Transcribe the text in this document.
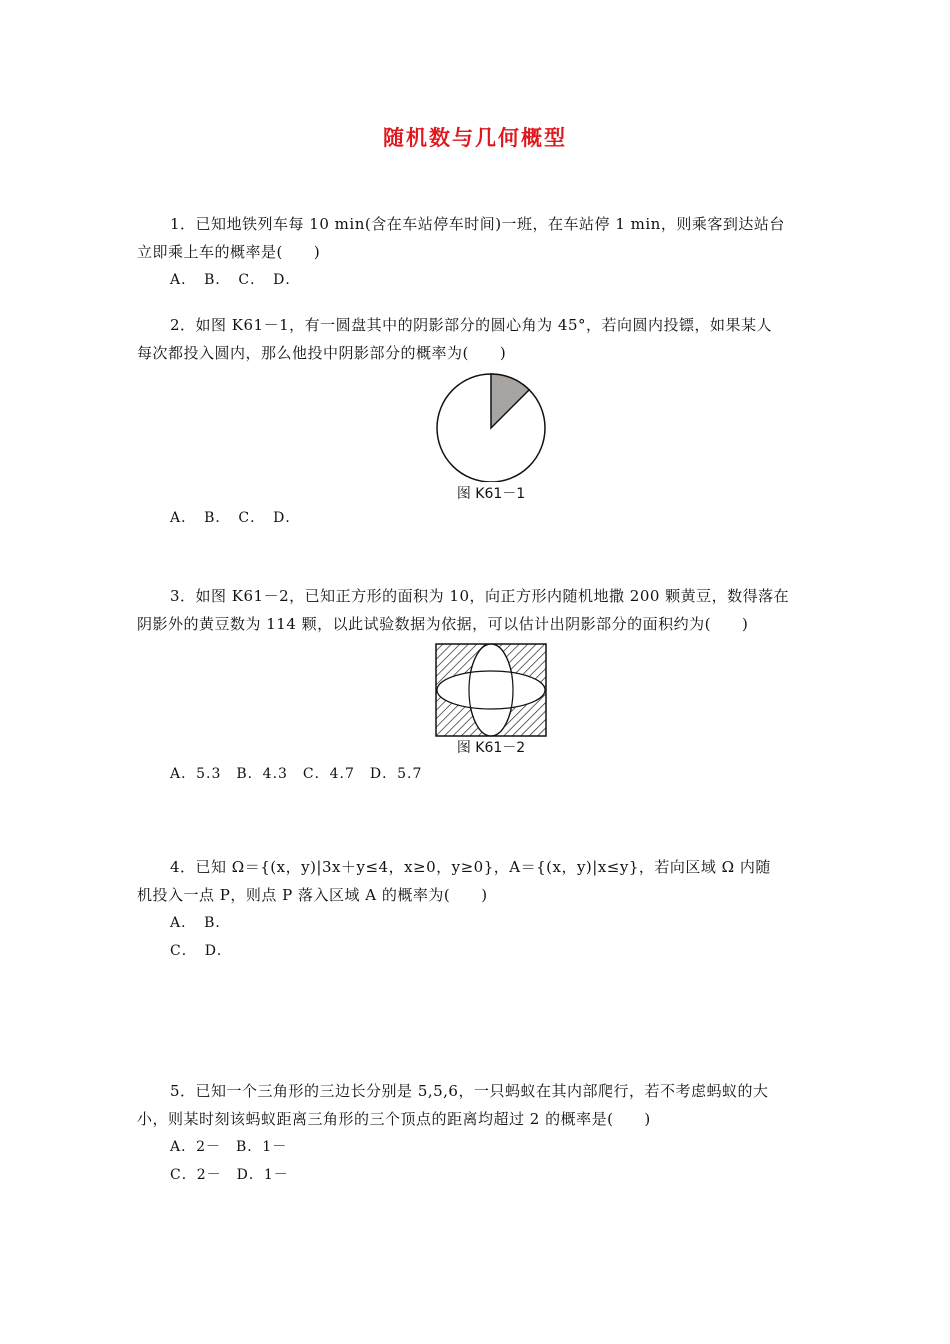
随机数与几何概型
1．已知地铁列车每 10 min(含在车站停车时间)一班，在车站停 1 min，则乘客到达站台
立即乘上车的概率是(　　)
A．　B．　C．　D．
2．如图 K61－1，有一圆盘其中的阴影部分的圆心角为 45°，若向圆内投镖，如果某人
每次都投入圆内，那么他投中阴影部分的概率为(　　)
图 K61－1
A．　B．　C．　D．
3．如图 K61－2，已知正方形的面积为 10，向正方形内随机地撒 200 颗黄豆，数得落在
阴影外的黄豆数为 114 颗，以此试验数据为依据，可以估计出阴影部分的面积约为(　　)
图 K61－2
A．5.3　B．4.3　C．4.7　D．5.7
4．已知 Ω＝{(x，y)|3x＋y≤4，x≥0，y≥0}，A＝{(x，y)|x≤y}，若向区域 Ω 内随
机投入一点 P，则点 P 落入区域 A 的概率为(　　)
A．　B．
C．　D．
5．已知一个三角形的三边长分别是 5,5,6，一只蚂蚁在其内部爬行，若不考虑蚂蚁的大
小，则某时刻该蚂蚁距离三角形的三个顶点的距离均超过 2 的概率是(　　)
A．2－　B．1－
C．2－　D．1－
